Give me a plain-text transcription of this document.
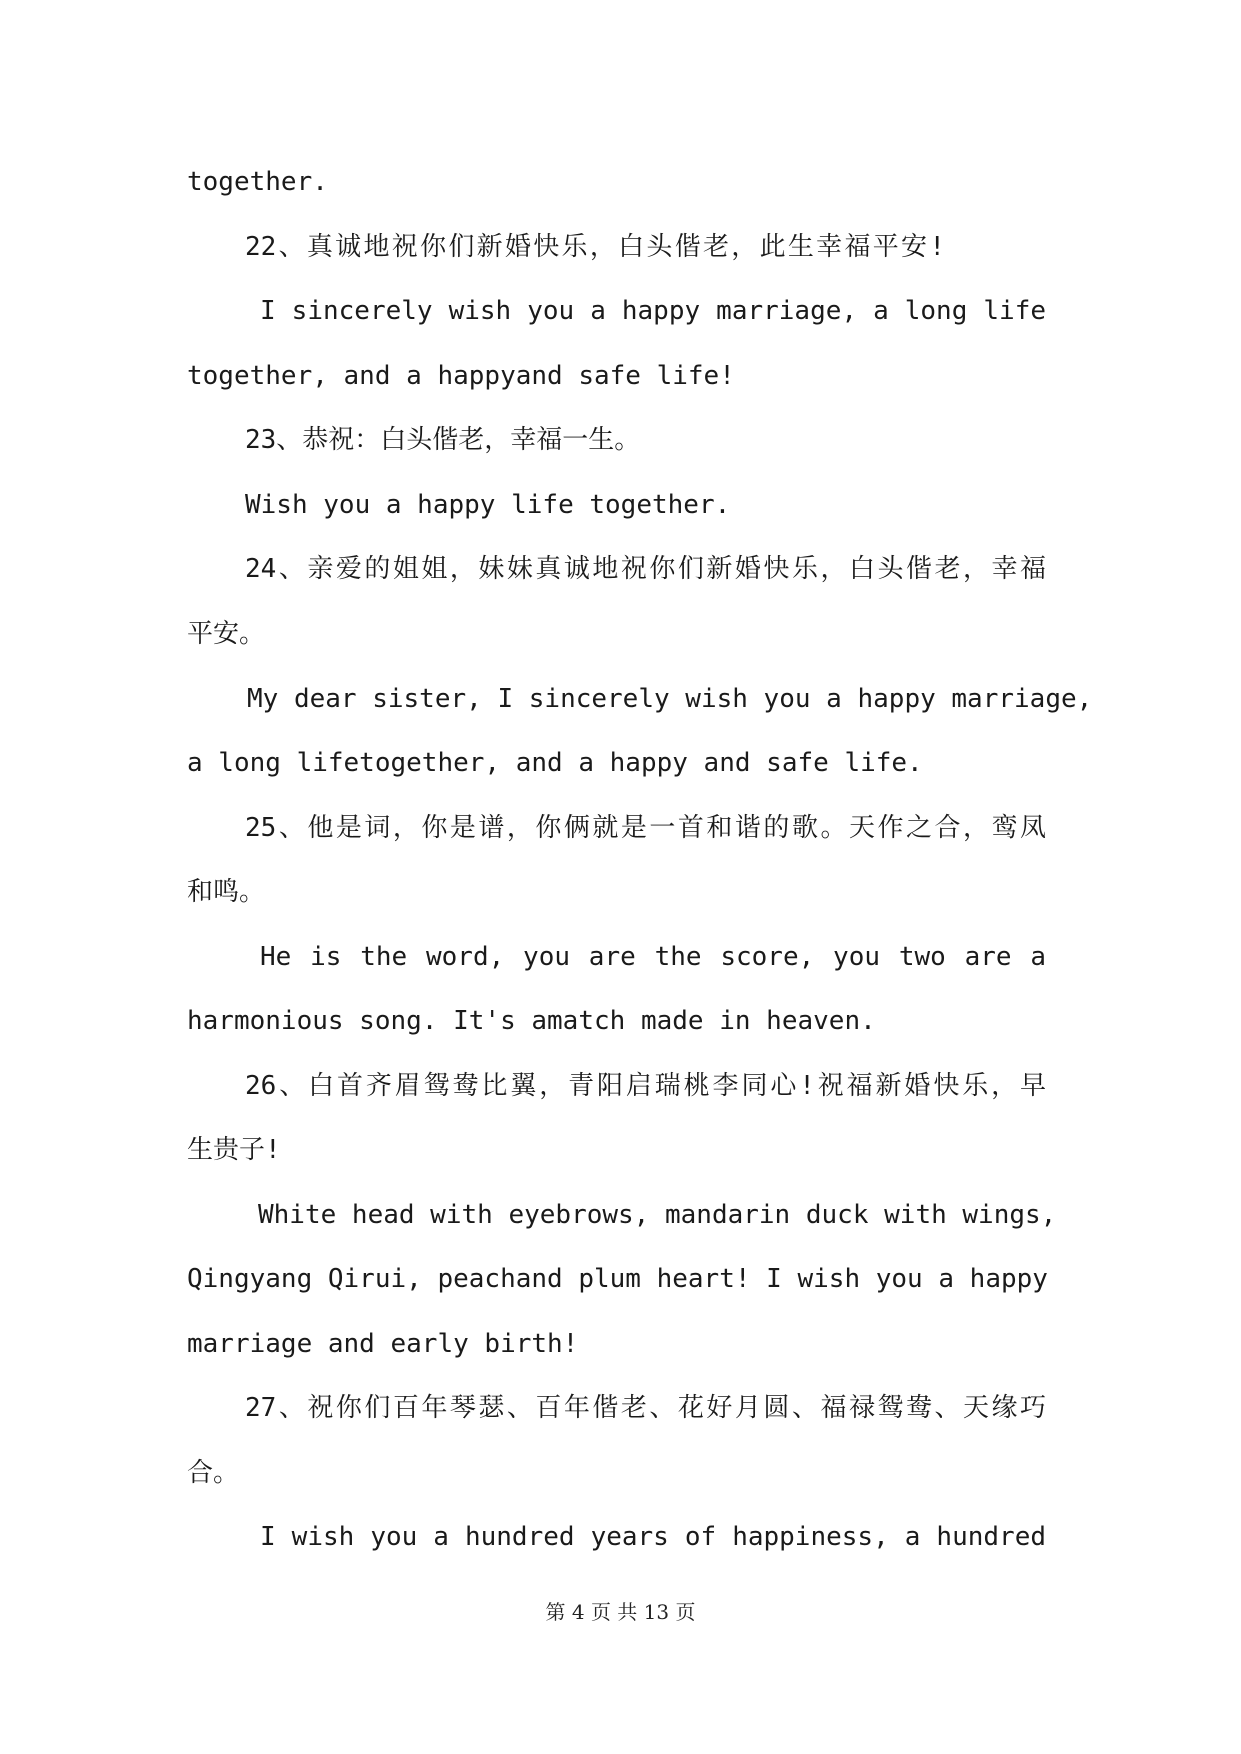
together.
22、真诚地祝你们新婚快乐，白头偕老，此生幸福平安!
I sincerely wish you a happy marriage, a long life
together, and a happyand safe life!
23、恭祝：白头偕老，幸福一生。
Wish you a happy life together.
24、亲爱的姐姐，妹妹真诚地祝你们新婚快乐，白头偕老，幸福
平安。
My dear sister, I sincerely wish you a happy marriage,
a long lifetogether, and a happy and safe life.
25、他是词，你是谱，你俩就是一首和谐的歌。天作之合，鸾凤
和鸣。
He is the word, you are the score, you two are a
harmonious song. It's amatch made in heaven.
26、白首齐眉鸳鸯比翼，青阳启瑞桃李同心!祝福新婚快乐，早
生贵子!
White head with eyebrows, mandarin duck with wings,
Qingyang Qirui, peachand plum heart! I wish you a happy
marriage and early birth!
27、祝你们百年琴瑟、百年偕老、花好月圆、福禄鸳鸯、天缘巧
合。
I wish you a hundred years of happiness, a hundred
第 4 页 共 13 页
